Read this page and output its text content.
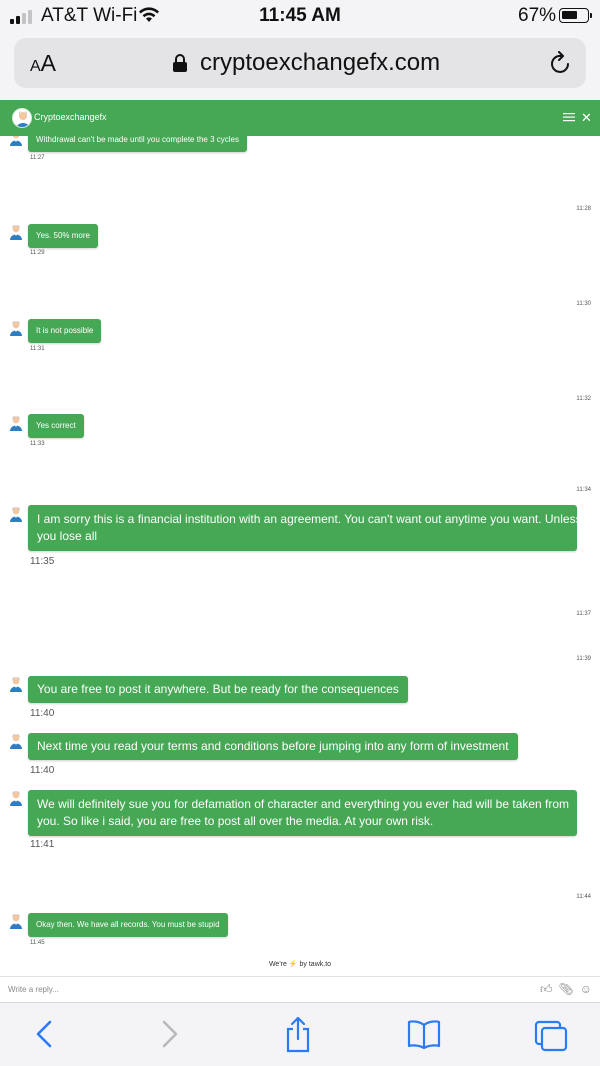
AT&T Wi-Fi	11:45 AM	67%
AA	cryptoexchangefx.com
Cryptoexchangefx	✕
Withdrawal can't be made until you complete the 3 cycles
11:27
11:28
Yes. 50% more
11:29
11:30
It is not possible
11:31
11:32
Yes correct
11:33
11:34
I am sorry this is a financial institution with an agreement. You can't want out anytime you want. Unless
you lose all
11:35
11:37
11:39
You are free to post it anywhere. But be ready for the consequences
11:40
Next time you read your terms and conditions before jumping into any form of investment
11:40
We will definitely sue you for defamation of character and everything you ever had will be taken from
you. So like i said, you are free to post all over the media. At your own risk.
11:41
11:44
Okay then. We have all records. You must be stupid
11:45
We're ⚡ by tawk.to
Write a reply...	👍︎ 📎︎ ☺
